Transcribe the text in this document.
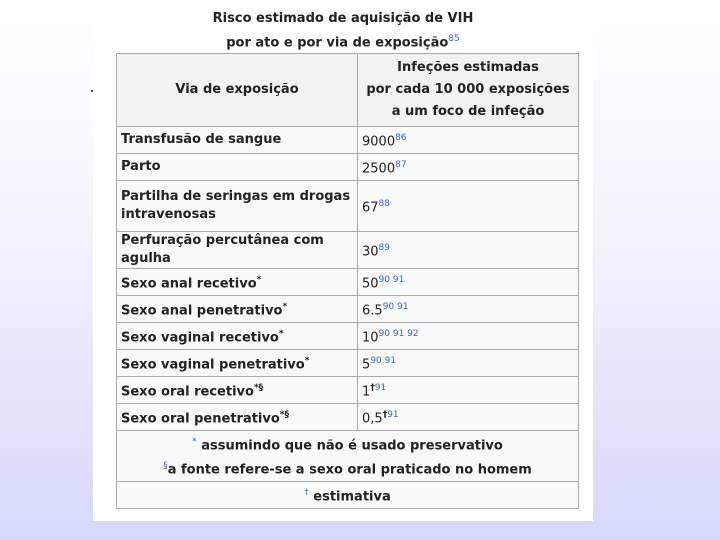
Risco estimado de aquisição de VIH
por ato e por via de exposição$^{85}$
Via de exposição	Infeções estimadas
por cada 10 000 exposições
a um foco de infeção

Transfusão de sangue	9000$^{86}$
Parto	2500$^{87}$
Partilha de seringas em drogas intravenosas	$67^{88}$
Perfuração percutânea com agulha	$30^{89}$
Sexo anal recetivo*	$50^{90 91}$
Sexo anal penetrativo*	$6.5^{90 91}$
Sexo vaginal recetivo*	$10^{90 91 92}$
Sexo vaginal penetrativo*	$5^{90 91}$
Sexo oral recetivo*§	1$^{\dagger 91}$
Sexo oral penetrativo*§	0,5$^{\dagger 91}$

* assumindo que não é usado preservativo
§a fonte refere-se a sexo oral praticado no homem	

† estimativa	
